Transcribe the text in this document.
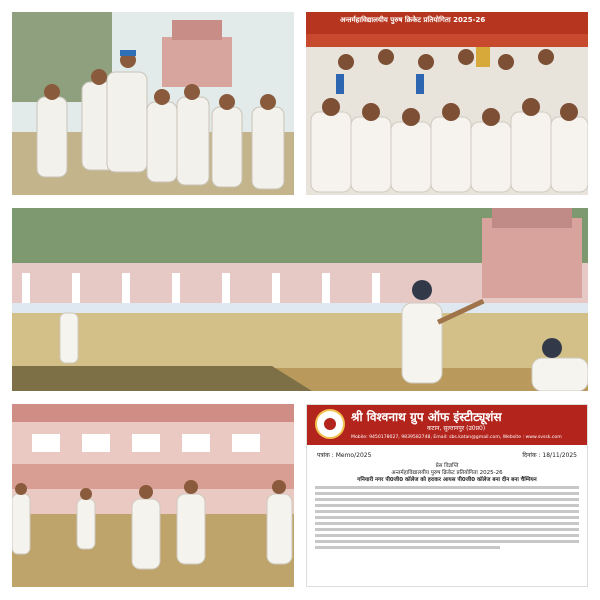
अन्तर्महाविद्यालयीय पुरुष क्रिकेट प्रतियोगिता 2025-26
श्री विश्वनाथ ग्रुप ऑफ इंस्टीट्यूशंस
कटान, सुल्तानपुर (उ0प्र0)
Mobile: 9450178027, 9839582748, Email: sbs.katan@gmail.com, Website : www.svssk.com
पत्रांक : Memo/2025	दिनांक : 18/11/2025
प्रेस विज्ञप्ति
अन्तर्महाविद्यालयीय पुरुष क्रिकेट प्रतियोगिता 2025-26
गनियारी नगर पी0जी0 कॉलेज को हराकर आयस पी0जी0 कॉलेज बना दीन बना चैम्पियन
